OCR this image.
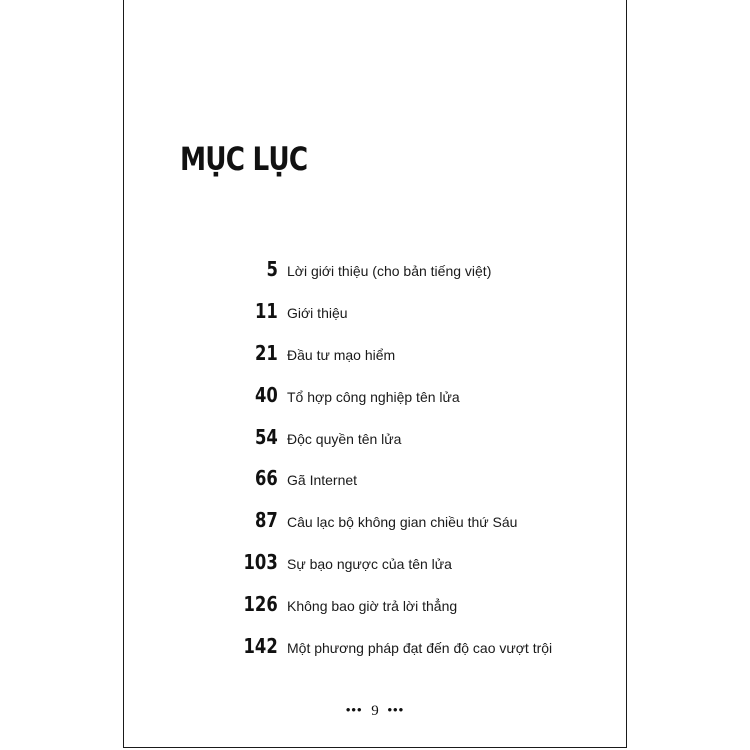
MỤC LỤC
5 Lời giới thiệu (cho bản tiếng việt)
11 Giới thiệu
21 Đầu tư mạo hiểm
40 Tổ hợp công nghiệp tên lửa
54 Độc quyền tên lửa
66 Gã Internet
87 Câu lạc bộ không gian chiều thứ Sáu
103 Sự bạo ngược của tên lửa
126 Không bao giờ trả lời thẳng
142 Một phương pháp đạt đến độ cao vượt trội
••• 9 •••
